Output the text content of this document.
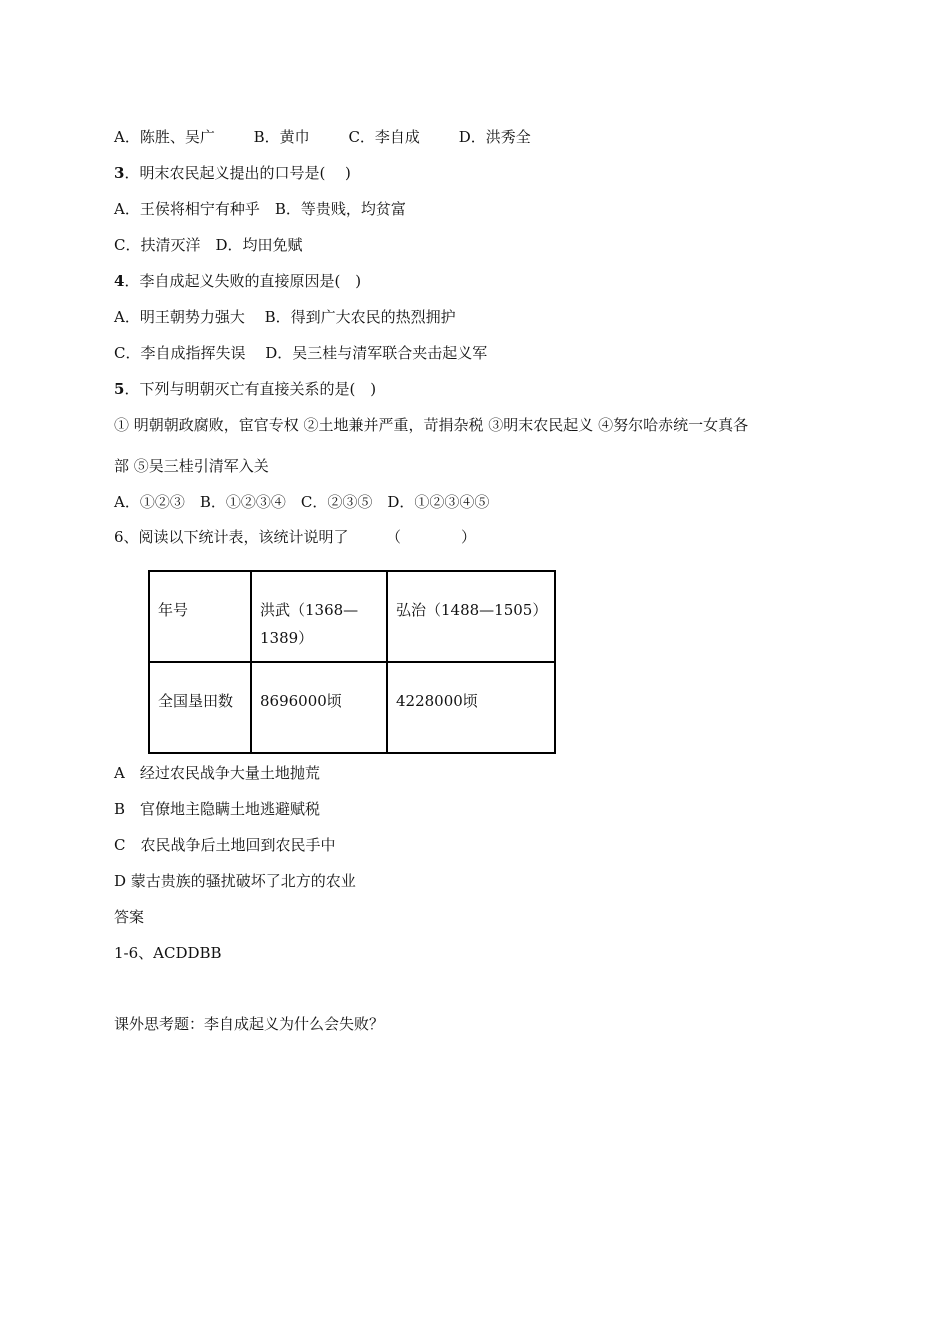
A．陈胜、吴广	B．黄巾	C．李自成	D．洪秀全
3．明末农民起义提出的口号是(　 )
A．王侯将相宁有种乎　B．等贵贱，均贫富
C．扶清灭洋　D．均田免赋
4．李自成起义失败的直接原因是(　)
A．明王朝势力强大　 B．得到广大农民的热烈拥护
C．李自成指挥失误　 D．吴三桂与清军联合夹击起义军
5．下列与明朝灭亡有直接关系的是(　)
① 明朝朝政腐败，宦官专权 ②土地兼并严重，苛捐杂税 ③明末农民起义 ④努尔哈赤统一女真各
部 ⑤吴三桂引清军入关
A．①②③　B．①②③④　C．②③⑤　D．①②③④⑤
6、阅读以下统计表，该统计说明了　　　（　　　　）
年号	洪武（1368—1389）	弘治（1488—1505）
全国垦田数	8696000顷	4228000顷
A　经过农民战争大量土地抛荒
B　官僚地主隐瞒土地逃避赋税
C　农民战争后土地回到农民手中
D 蒙古贵族的骚扰破坏了北方的农业
答案
1-6、ACDDBB
课外思考题：李自成起义为什么会失败？
